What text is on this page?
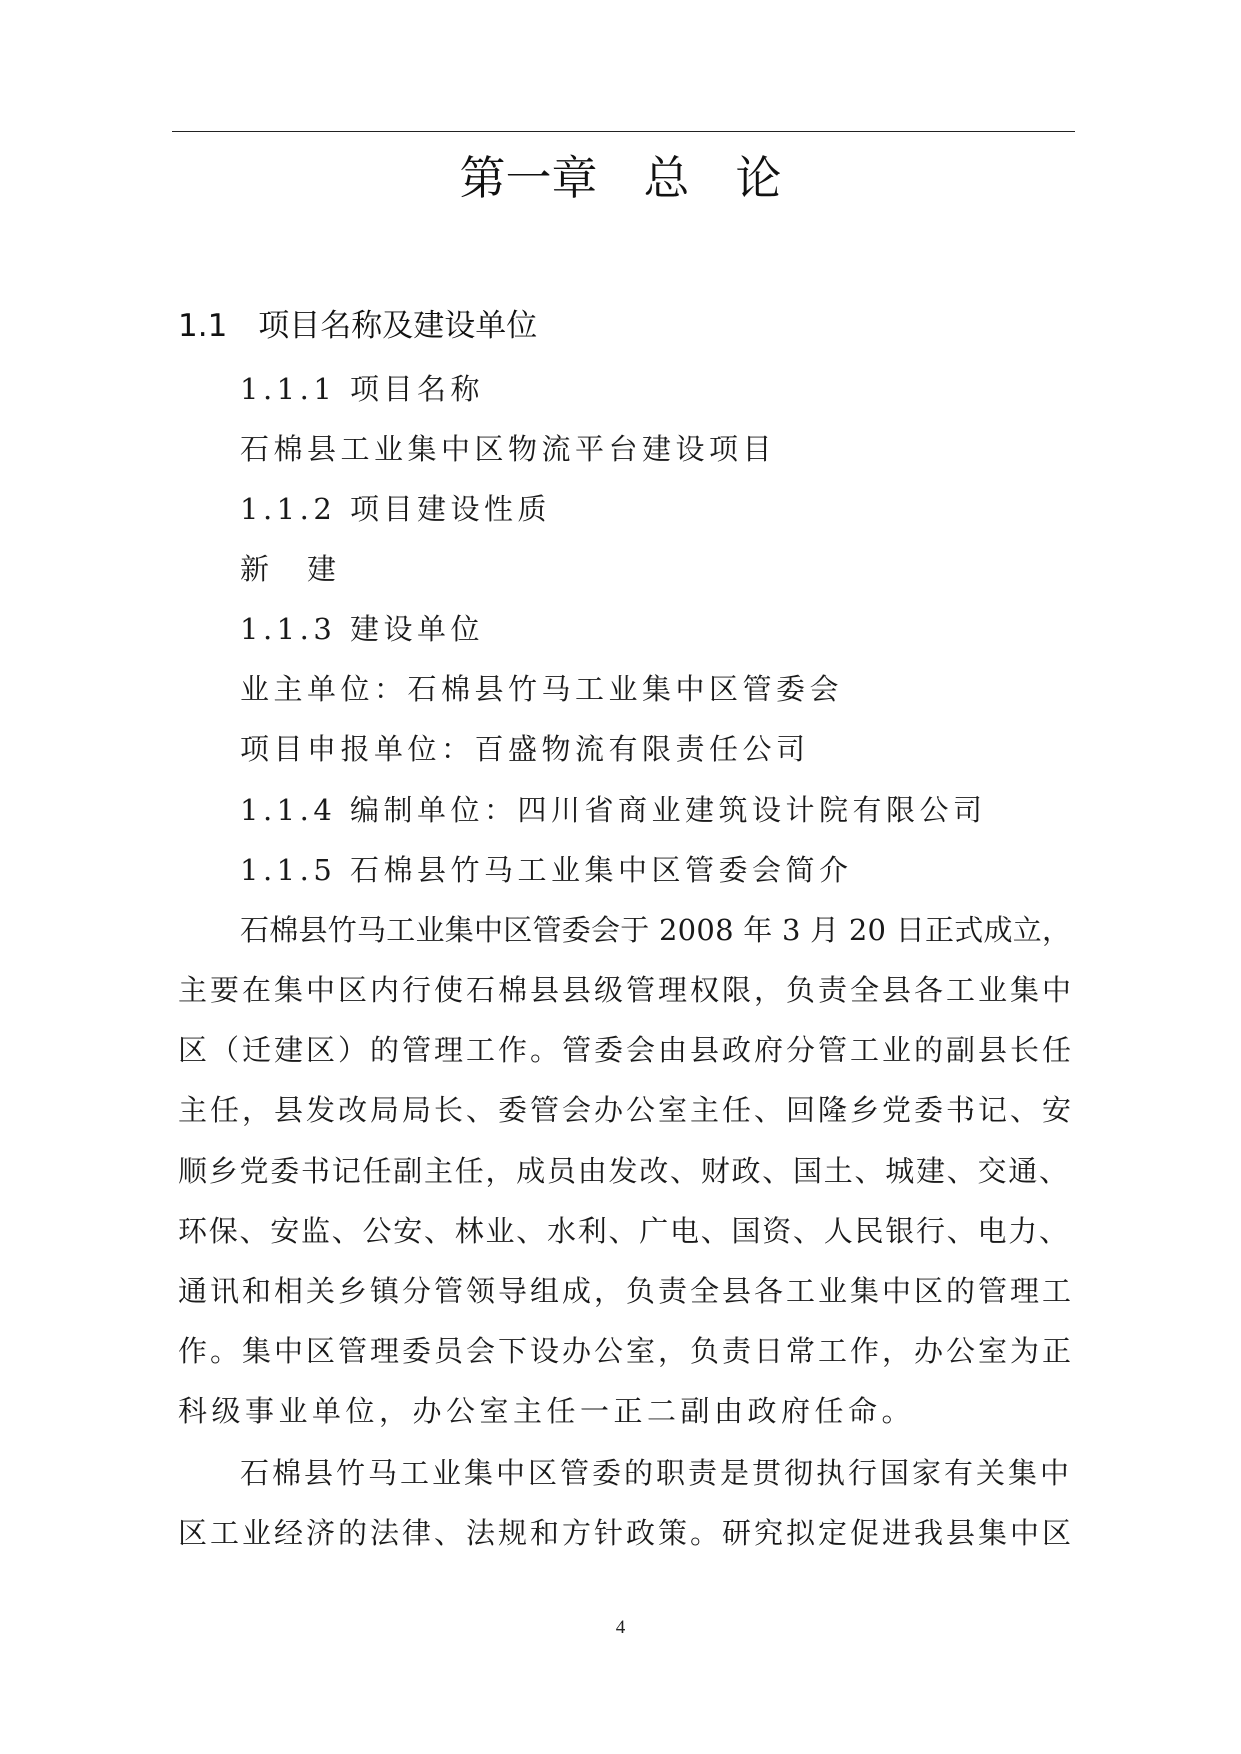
第一章　总　论
1.1　项目名称及建设单位
1.1.1 项目名称
石棉县工业集中区物流平台建设项目
1.1.2 项目建设性质
新　建
1.1.3 建设单位
业主单位：石棉县竹马工业集中区管委会
项目申报单位：百盛物流有限责任公司
1.1.4 编制单位：四川省商业建筑设计院有限公司
1.1.5 石棉县竹马工业集中区管委会简介
石棉县竹马工业集中区管委会于 2008 年 3 月 20 日正式成立，
主要在集中区内行使石棉县县级管理权限，负责全县各工业集中
区（迁建区）的管理工作。管委会由县政府分管工业的副县长任
主任，县发改局局长、委管会办公室主任、回隆乡党委书记、安
顺乡党委书记任副主任，成员由发改、财政、国土、城建、交通、
环保、安监、公安、林业、水利、广电、国资、人民银行、电力、
通讯和相关乡镇分管领导组成，负责全县各工业集中区的管理工
作。集中区管理委员会下设办公室，负责日常工作，办公室为正
科级事业单位，办公室主任一正二副由政府任命。
石棉县竹马工业集中区管委的职责是贯彻执行国家有关集中
区工业经济的法律、法规和方针政策。研究拟定促进我县集中区
4
